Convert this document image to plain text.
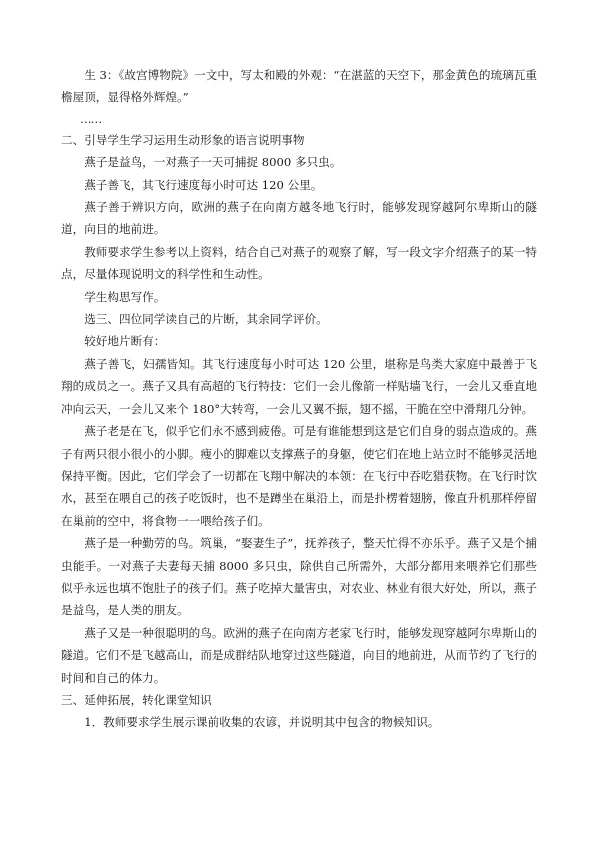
生 3：《故宫博物院》一文中，写太和殿的外观：“在湛蓝的天空下，那金黄色的琉璃瓦重檐屋顶，显得格外辉煌。”

……

二、引导学生学习运用生动形象的语言说明事物

燕子是益鸟，一对燕子一天可捕捉 8000 多只虫。

燕子善飞，其飞行速度每小时可达 120 公里。

燕子善于辨识方向，欧洲的燕子在向南方越冬地飞行时，能够发现穿越阿尔卑斯山的隧道，向目的地前进。

教师要求学生参考以上资料，结合自己对燕子的观察了解，写一段文字介绍燕子的某一特点，尽量体现说明文的科学性和生动性。

学生构思写作。

选三、四位同学读自己的片断，其余同学评价。

较好地片断有：

燕子善飞，妇孺皆知。其飞行速度每小时可达 120 公里，堪称是鸟类大家庭中最善于飞翔的成员之一。燕子又具有高超的飞行特技：它们一会儿像箭一样贴墙飞行，一会儿又垂直地冲向云天，一会儿又来个 180°大转弯，一会儿又翼不振，翅不摇，干脆在空中滑翔几分钟。

燕子老是在飞，似乎它们永不感到疲倦。可是有谁能想到这是它们自身的弱点造成的。燕子有两只很小很小的小脚。瘦小的脚难以支撑燕子的身躯，使它们在地上站立时不能够灵活地保持平衡。因此，它们学会了一切都在飞翔中解决的本领：在飞行中吞吃猎获物。在飞行时饮水，甚至在喂自己的孩子吃饭时，也不是蹲坐在巢沿上，而是扑楞着翅膀，像直升机那样停留在巢前的空中，将食物一一喂给孩子们。

燕子是一种勤劳的鸟。筑巢，“娶妻生子”，抚养孩子，整天忙得不亦乐乎。燕子又是个捕虫能手。一对燕子夫妻每天捕 8000 多只虫，除供自己所需外，大部分都用来喂养它们那些似乎永远也填不饱肚子的孩子们。燕子吃掉大量害虫，对农业、林业有很大好处，所以，燕子是益鸟，是人类的朋友。

燕子又是一种很聪明的鸟。欧洲的燕子在向南方老家飞行时，能够发现穿越阿尔卑斯山的隧道。它们不是飞越高山，而是成群结队地穿过这些隧道，向目的地前进，从而节约了飞行的时间和自己的体力。

三、延伸拓展，转化课堂知识

1．教师要求学生展示课前收集的农谚，并说明其中包含的物候知识。
